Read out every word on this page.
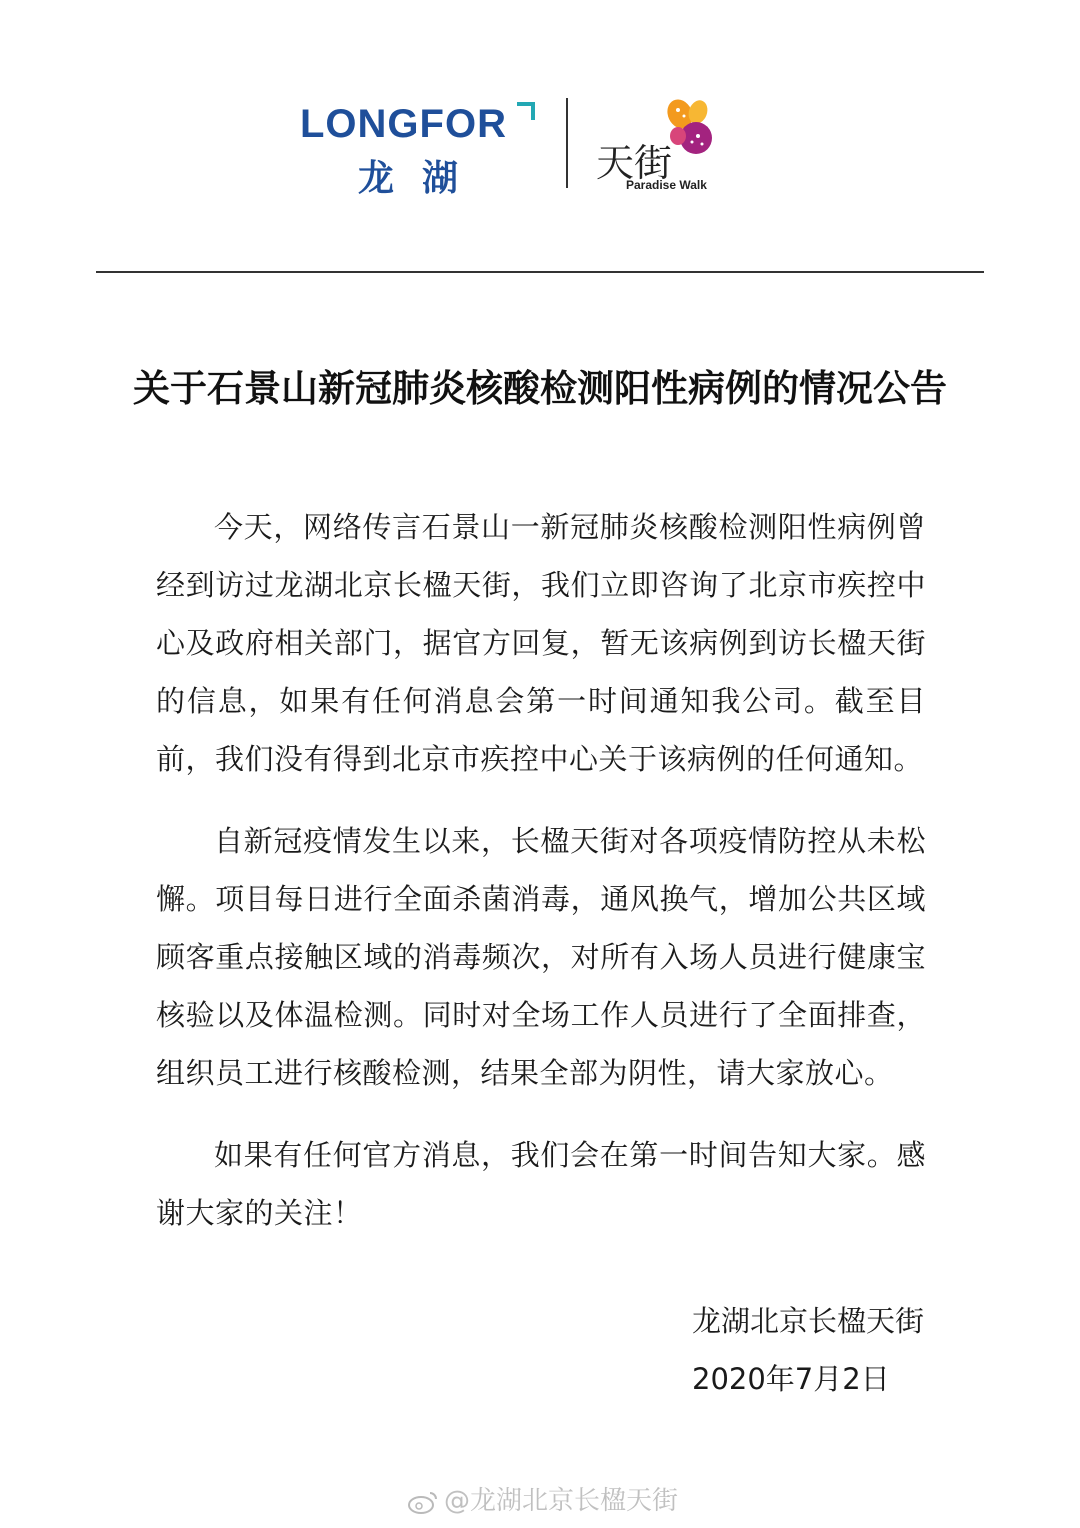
LONGFOR
龙湖	天街
Paradise Walk
关于石景山新冠肺炎核酸检测阳性病例的情况公告

今天，网络传言石景山一新冠肺炎核酸检测阳性病例曾经到访过龙湖北京长楹天街，我们立即咨询了北京市疾控中心及政府相关部门，据官方回复，暂无该病例到访长楹天街的信息，如果有任何消息会第一时间通知我公司。截至目前，我们没有得到北京市疾控中心关于该病例的任何通知。

自新冠疫情发生以来，长楹天街对各项疫情防控从未松懈。项目每日进行全面杀菌消毒，通风换气，增加公共区域顾客重点接触区域的消毒频次，对所有入场人员进行健康宝核验以及体温检测。同时对全场工作人员进行了全面排查，组织员工进行核酸检测，结果全部为阴性，请大家放心。

如果有任何官方消息，我们会在第一时间告知大家。感谢大家的关注！

龙湖北京长楹天街
2020年7月2日
@龙湖北京长楹天街
